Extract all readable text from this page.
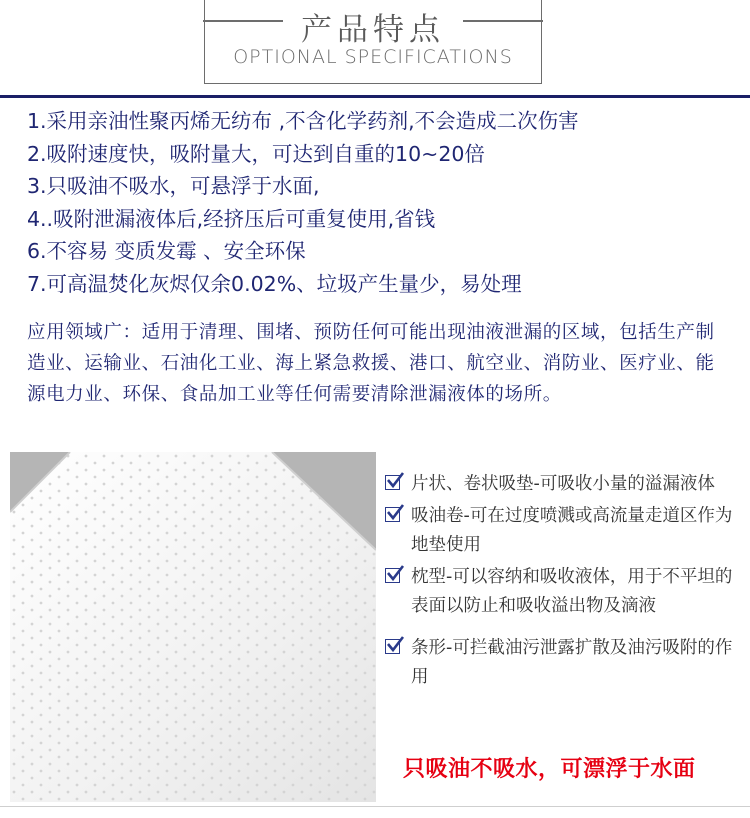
产品特点
OPTIONAL SPECIFICATIONS
1.采用亲油性聚丙烯无纺布 ,不含化学药剂,不会造成二次伤害
2.吸附速度快，吸附量大，可达到自重的10~20倍
3.只吸油不吸水，可悬浮于水面,
4..吸附泄漏液体后,经挤压后可重复使用,省钱
6.不容易 变质发霉 、安全环保
7.可高温焚化灰烬仅余0.02%、垃圾产生量少，易处理
应用领域广：适用于清理、围堵、预防任何可能出现油液泄漏的区域，包括生产制造业、运输业、石油化工业、海上紧急救援、港口、航空业、消防业、医疗业、能源电力业、环保、食品加工业等任何需要清除泄漏液体的场所。
片状、卷状吸垫-可吸收小量的溢漏液体
吸油卷-可在过度喷溅或高流量走道区作为地垫使用
枕型-可以容纳和吸收液体，用于不平坦的表面以防止和吸收溢出物及滴液
条形-可拦截油污泄露扩散及油污吸附的作用
只吸油不吸水，可漂浮于水面
